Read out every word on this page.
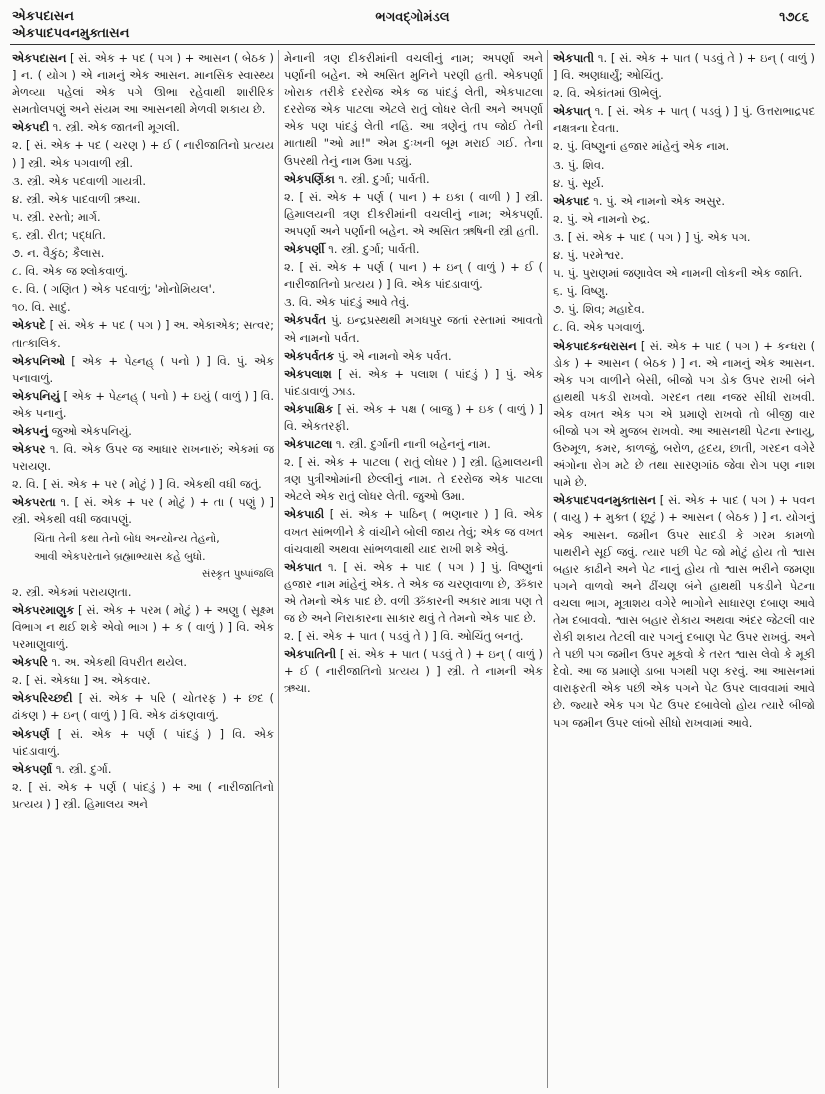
એકપદાસન
એકપાદપવનમુક્તાસન
ભગવદ્ગોમંડલ	૧૭૮૬
એકપદાસન [ સં. એક + પદ ( પગ ) + આસન ( બેઠક ) ] ન. ( યોગ ) એ નામનું એક આસન. માનસિક સ્વાસ્થ્ય મેળવ્યા પહેલાં એક પગે ઊભા રહેવાથી શારીરિક સમતોલપણું અને સંયમ આ આસનથી મેળવી શકાય છે.
એકપદી ૧. સ્ત્રી. એક જાતની મૂગલી.
૨. [ સં. એક + પદ ( ચરણ ) + ઈ ( નારીજાતિનો પ્રત્યય ) ] સ્ત્રી. એક પગવાળી સ્ત્રી.
૩. સ્ત્રી. એક પદવાળી ગાયત્રી.
૪. સ્ત્રી. એક પાદવાળી ઋચા.
૫. સ્ત્રી. રસ્તો; માર્ગ.
૬. સ્ત્રી. રીત; પદ્ધતિ.
૭. ન. વૈકુંઠ; કૈલાસ.
૮. વિ. એક જ શ્લોકવાળું.
૯. વિ. ( ગણિત ) એક પદવાળું; 'મોનોમિયલ'.
૧૦. વિ. સાદું.
એકપદે [ સં. એક + પદ ( પગ ) ] અ. એકાએક; સત્વર; તાત્કાલિક.
એકપનિઓ [ એક + પેહ્નહ્ ( પનો ) ] વિ. પું. એક પનાવાળું.
એકપનિયું [ એક + પેહ્નહ્ ( પનો ) + ઇયું ( વાળું ) ] વિ. એક પનાનું.
એકપનું જુઓ એકપનિયું.
એકપર ૧. વિ. એક ઉપર જ આધાર રાખનારું; એકમાં જ પરાયણ.
૨. વિ. [ સં. એક + પર ( મોટું ) ] વિ. એકથી વધી જતું.
એકપરતા ૧. [ સં. એક + પર ( મોટું ) + તા ( પણું ) ] સ્ત્રી. એકથી વધી જવાપણું.
ચિંતા તેની કથા તેનો બોધ અન્યોન્ય તેહનો,
આવી એકપરતાને બ્રહ્માભ્યાસ કહે બુધો.
સંસ્કૃત પુષ્પાંજલિ
૨. સ્ત્રી. એકમાં પરાયણતા.
એકપરમાણુક [ સં. એક + પરમ ( મોટું ) + અણુ ( સૂક્ષ્મ વિભાગ ન થઈ શકે એવો ભાગ ) + ક ( વાળું ) ] વિ. એક પરમાણુવાળું.
એકપરિ ૧. અ. એકથી વિપરીત થયેલ.
૨. [ સં. એકધા ] અ. એકવાર.
એકપરિચ્છદી [ સં. એક + પરિ ( ચોતરફ ) + છદ ( ઢાંકણ ) + ઇન્ ( વાળું ) ] વિ. એક ઢાંકણવાળું.
એકપર્ણ [ સં. એક + પર્ણ ( પાંદડું ) ] વિ. એક પાંદડાવાળું.
એકપર્ણા ૧. સ્ત્રી. દુર્ગા.
૨. [ સં. એક + પર્ણ ( પાંદડું ) + આ ( નારીજાતિનો પ્રત્યય ) ] સ્ત્રી. હિમાલય અને
મેનાની ત્રણ દીકરીમાંની વચલીનું નામ; અપર્ણા અને પર્ણાની બહેન. એ અસિત મુનિને પરણી હતી. એકપર્ણા ખોરાક તરીકે દરરોજ એક જ પાંદડું લેતી, એકપાટલા દરરોજ એક પાટલા એટલે રાતું લોધર લેતી અને અપર્ણા એક પણ પાંદડું લેતી નહિ. આ ત્રણેનું તપ જોઈ તેની માતાથી "ઓ મા!" એમ દુઃખની બૂમ મરાઈ ગઈ. તેના ઉપરથી તેનું નામ ઉમા પડ્યું.
એકપર્ણિકા ૧. સ્ત્રી. દુર્ગા; પાર્વતી.
૨. [ સં. એક + પર્ણ ( પાન ) + ઇકા ( વાળી ) ] સ્ત્રી. હિમાલયની ત્રણ દીકરીમાંની વચલીનું નામ; એકપર્ણા. અપર્ણા અને પર્ણાની બહેન. એ અસિત ઋષિની સ્ત્રી હતી.
એકપર્ણી ૧. સ્ત્રી. દુર્ગા; પાર્વતી.
૨. [ સં. એક + પર્ણ ( પાન ) + ઇન્ ( વાળું ) + ઈ ( નારીજાતિનો પ્રત્યય ) ] વિ. એક પાંદડાવાળું.
૩. વિ. એક પાંદડું આવે તેવું.
એકપર્વત પું. ઇન્દ્રપ્રસ્થથી મગધપુર જતાં રસ્તામાં આવતો એ નામનો પર્વત.
એકપર્વતક પું. એ નામનો એક પર્વત.
એકપલાશ [ સં. એક + પલાશ ( પાંદડું ) ] પું. એક પાંદડાવાળું ઝાડ.
એકપાક્ષિક [ સં. એક + પક્ષ ( બાજુ ) + ઇક ( વાળું ) ] વિ. એકતરફી.
એકપાટલા ૧. સ્ત્રી. દુર્ગાની નાની બહેનનું નામ.
૨. [ સં. એક + પાટલા ( રાતું લોધર ) ] સ્ત્રી. હિમાલયની ત્રણ પુત્રીઓમાંની છેલ્લીનું નામ. તે દરરોજ એક પાટલા એટલે એક રાતું લોધર લેતી. જુઓ ઉમા.
એકપાઠી [ સં. એક + પાઠિન્ ( ભણનાર ) ] વિ. એક વખત સાંભળીને કે વાંચીને બોલી જાય તેવું; એક જ વખત વાંચવાથી અથવા સાંભળવાથી યાદ રાખી શકે એવું.
એકપાત ૧. [ સં. એક + પાદ ( પગ ) ] પું. વિષ્ણુનાં હજાર નામ માંહેનું એક. તે એક જ ચરણવાળા છે, ૐકાર એ તેમનો એક પાદ છે. વળી ૐકારની અકાર માત્રા પણ તે જ છે અને નિરાકારના સાકાર થવું તે તેમનો એક પાદ છે.
૨. [ સં. એક + પાત ( પડવું તે ) ] વિ. ઓચિંતુ બનતું.
એકપાતિની [ સં. એક + પાત ( પડવું તે ) + ઇન્ ( વાળું ) + ઈ ( નારીજાતિનો પ્રત્યય ) ] સ્ત્રી. તે નામની એક ઋચા.
એકપાતી ૧. [ સં. એક + પાત ( પડવું તે ) + ઇન્ ( વાળું ) ] વિ. અણધાર્યું; ઓચિંતુ.
૨. વિ. એકાંતમાં ઊભેલું.
એકપાત્ ૧. [ સં. એક + પાત્ ( પડવું ) ] પું. ઉત્તરાભાદ્રપદ નક્ષત્રના દેવતા.
૨. પું. વિષ્ણુનાં હજાર માંહેનું એક નામ.
૩. પું. શિવ.
૪. પું. સૂર્ય.
એકપાદ ૧. પું. એ નામનો એક અસુર.
૨. પું. એ નામનો રુદ્ર.
૩. [ સં. એક + પાદ ( પગ ) ] પું. એક પગ.
૪. પું. પરમેશ્વર.
૫. પું. પુરાણમાં જણાવેલ એ નામની લોકની એક જાતિ.
૬. પું. વિષ્ણુ.
૭. પું. શિવ; મહાદેવ.
૮. વિ. એક પગવાળું.
એકપાદકન્ધરાસન [ સં. એક + પાદ ( પગ ) + કન્ધરા ( ડોક ) + આસન ( બેઠક ) ] ન. એ નામનું એક આસન. એક પગ વાળીને બેસી, બીજો પગ ડોક ઉપર રાખી બંને હાથથી પકડી રાખવો. ગરદન તથા નજર સીધી રાખવી. એક વખત એક પગ એ પ્રમાણે રાખવો તો બીજી વાર બીજો પગ એ મુજબ રાખવો. આ આસનથી પેટના સ્નાયુ, ઉરુમૂળ, કમર, કાળજું, બરોળ, હૃદય, છાતી, ગરદન વગેરે અંગોના રોગ મટે છે તથા સારણગાંઠ જેવા રોગ પણ નાશ પામે છે.
એકપાદપવનમુક્તાસન [ સં. એક + પાદ ( પગ ) + પવન ( વાયુ ) + મુક્ત ( છૂટું ) + આસન ( બેઠક ) ] ન. યોગનું એક આસન. જમીન ઉપર સાદડી કે ગરમ કામળો પાથરીને સૂઈ જવું. ત્યાર પછી પેટ જો મોટું હોય તો શ્વાસ બહાર કાઢીને અને પેટ નાનું હોય તો શ્વાસ ભરીને જમણા પગને વાળવો અને ઢીંચણ બંને હાથથી પકડીને પેટના વચલા ભાગ, મૂત્રાશય વગેરે ભાગોને સાધારણ દબાણ આવે તેમ દબાવવો. શ્વાસ બહાર રોકાય અથવા અંદર જેટલી વાર રોકી શકાય તેટલી વાર પગનું દબાણ પેટ ઉપર રાખવું. અને તે પછી પગ જમીન ઉપર મૂકવો કે તરત શ્વાસ લેવો કે મૂકી દેવો. આ જ પ્રમાણે ડાબા પગથી પણ કરવું. આ આસનમાં વારાફરતી એક પછી એક પગને પેટ ઉપર લાવવામાં આવે છે. જ્યારે એક પગ પેટ ઉપર દબાવેલો હોય ત્યારે બીજો પગ જમીન ઉપર લાંબો સીધો રાખવામાં આવે.
